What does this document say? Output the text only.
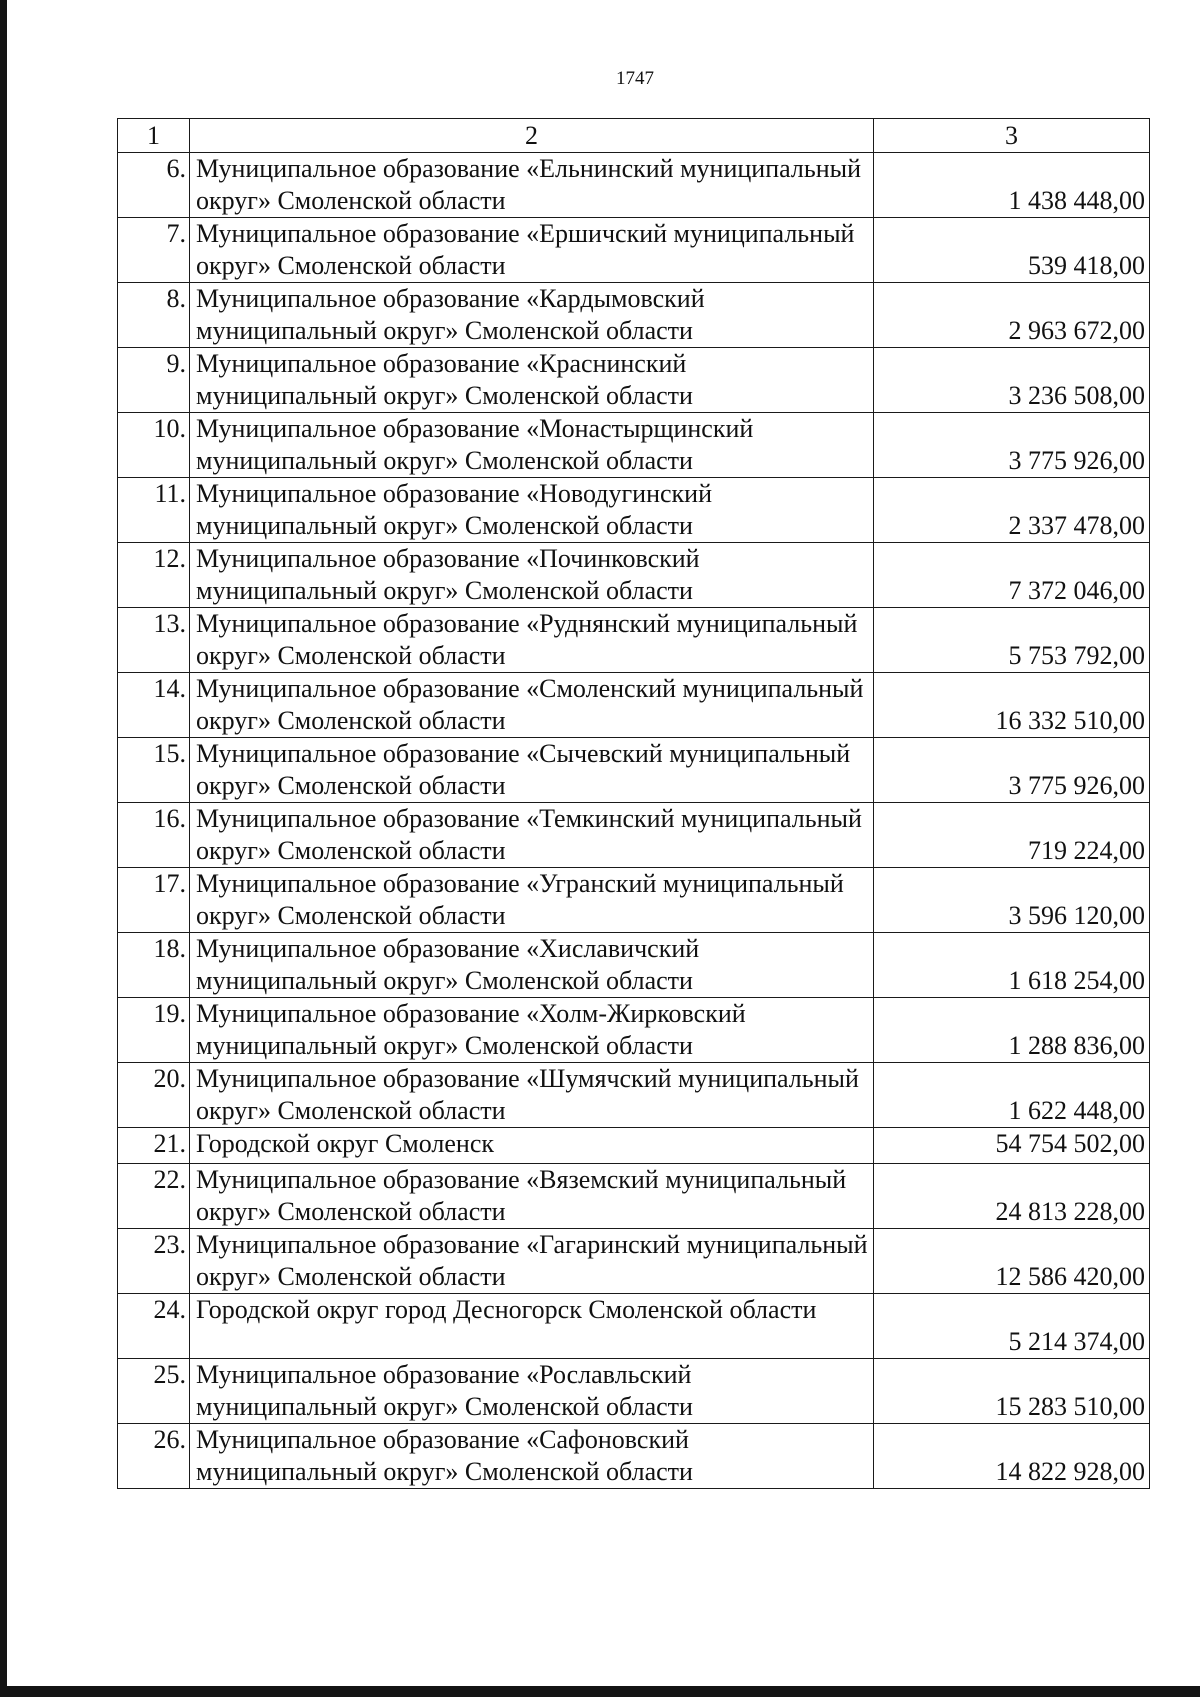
1747
1	2	3
6.	Муниципальное образование «Ельнинский муниципальный округ» Смоленской области	1 438 448,00
7.	Муниципальное образование «Ершичский муниципальный округ» Смоленской области	539 418,00
8.	Муниципальное образование «Кардымовский муниципальный округ» Смоленской области	2 963 672,00
9.	Муниципальное образование «Краснинский муниципальный округ» Смоленской области	3 236 508,00
10.	Муниципальное образование «Монастырщинский муниципальный округ» Смоленской области	3 775 926,00
11.	Муниципальное образование «Новодугинский муниципальный округ» Смоленской области	2 337 478,00
12.	Муниципальное образование «Починковский муниципальный округ» Смоленской области	7 372 046,00
13.	Муниципальное образование «Руднянский муниципальный округ» Смоленской области	5 753 792,00
14.	Муниципальное образование «Смоленский муниципальный округ» Смоленской области	16 332 510,00
15.	Муниципальное образование «Сычевский муниципальный округ» Смоленской области	3 775 926,00
16.	Муниципальное образование «Темкинский муниципальный округ» Смоленской области	719 224,00
17.	Муниципальное образование «Угранский муниципальный округ» Смоленской области	3 596 120,00
18.	Муниципальное образование «Хиславичский муниципальный округ» Смоленской области	1 618 254,00
19.	Муниципальное образование «Холм-Жирковский муниципальный округ» Смоленской области	1 288 836,00
20.	Муниципальное образование «Шумячский муниципальный округ» Смоленской области	1 622 448,00
21.	Городской округ Смоленск	54 754 502,00
22.	Муниципальное образование «Вяземский муниципальный округ» Смоленской области	24 813 228,00
23.	Муниципальное образование «Гагаринский муниципальный округ» Смоленской области	12 586 420,00
24.	Городской округ город Десногорск Смоленской области	5 214 374,00
25.	Муниципальное образование «Рославльский муниципальный округ» Смоленской области	15 283 510,00
26.	Муниципальное образование «Сафоновский муниципальный округ» Смоленской области	14 822 928,00
